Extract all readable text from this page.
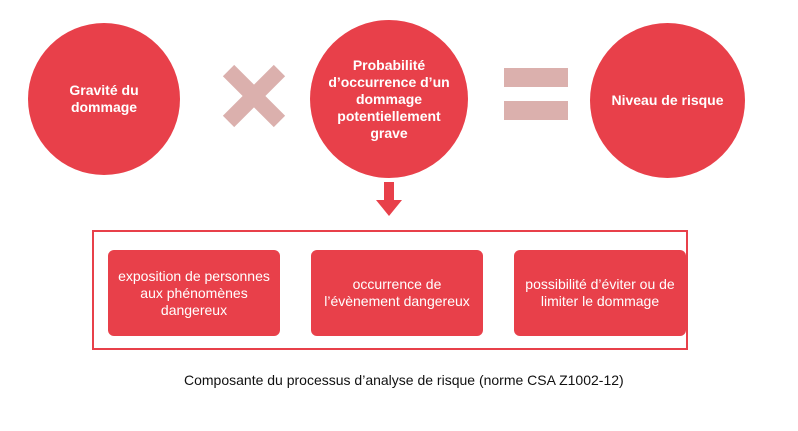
Gravité du dommage
Probabilité d’occurrence d’un dommage potentiellement grave
Niveau de risque
exposition de personnes aux phénomènes dangereux
occurrence de l’évènement dangereux
possibilité d’éviter ou de limiter le dommage
Composante du processus d’analyse de risque (norme CSA Z1002-12)
